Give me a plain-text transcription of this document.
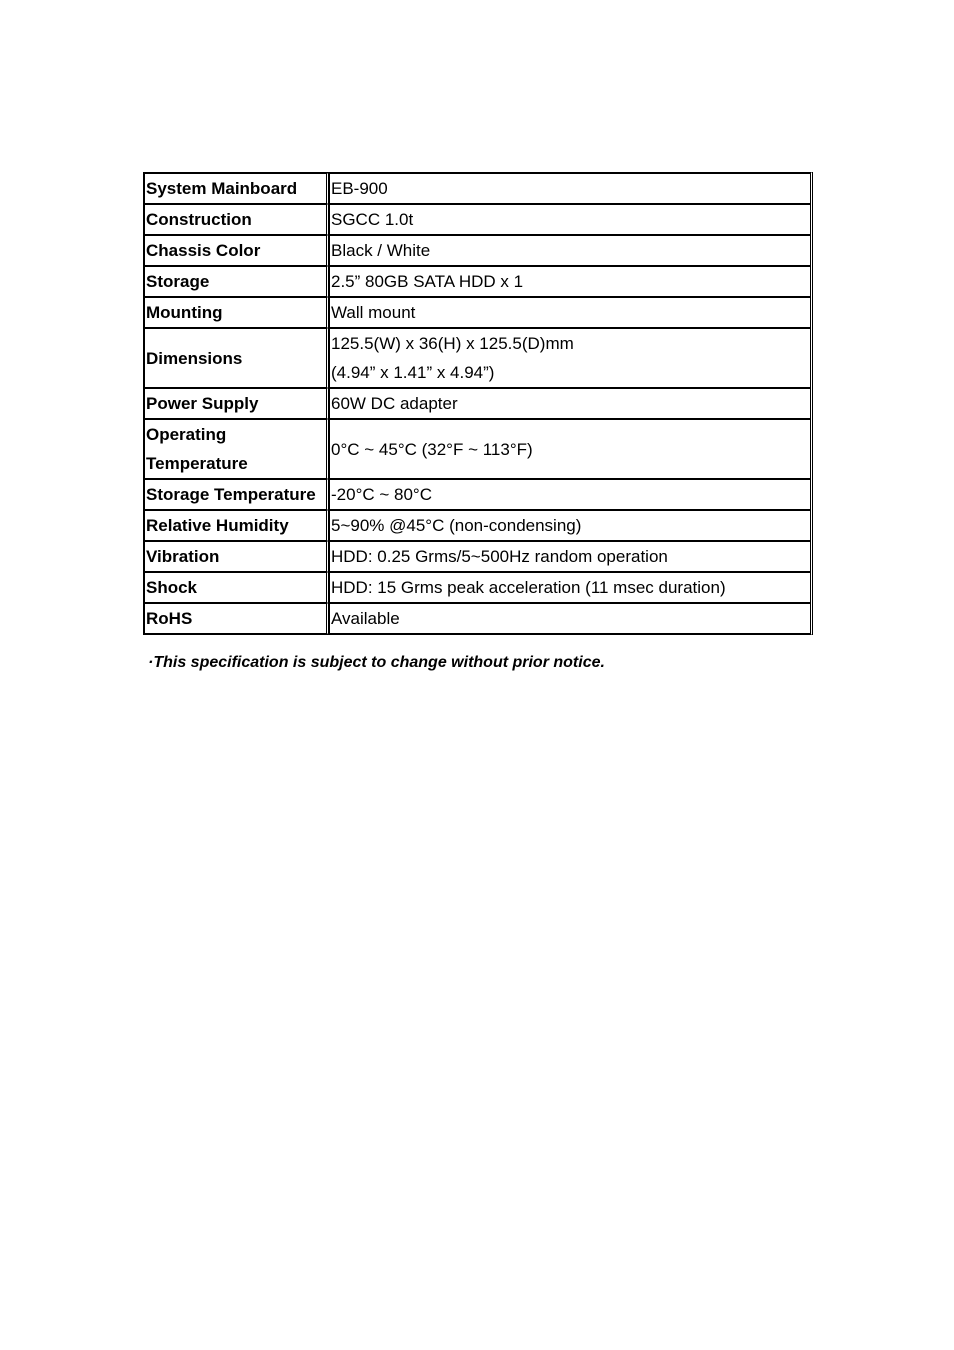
System Mainboard	EB-900

Construction	SGCC 1.0t

Chassis Color	Black / White

Storage	2.5” 80GB SATA HDD x 1

Mounting	Wall mount

Dimensions	125.5(W) x 36(H) x 125.5(D)mm
(4.94” x 1.41” x 4.94”)

Power Supply	60W DC adapter

Operating
Temperature	0°C ~ 45°C (32°F ~ 113°F)

Storage Temperature	-20°C ~ 80°C

Relative Humidity	5~90% @45°C (non-condensing)

Vibration	HDD: 0.25 Grms/5~500Hz random operation

Shock	HDD: 15 Grms peak acceleration (11 msec duration)

RoHS	Available
·This specification is subject to change without prior notice.
